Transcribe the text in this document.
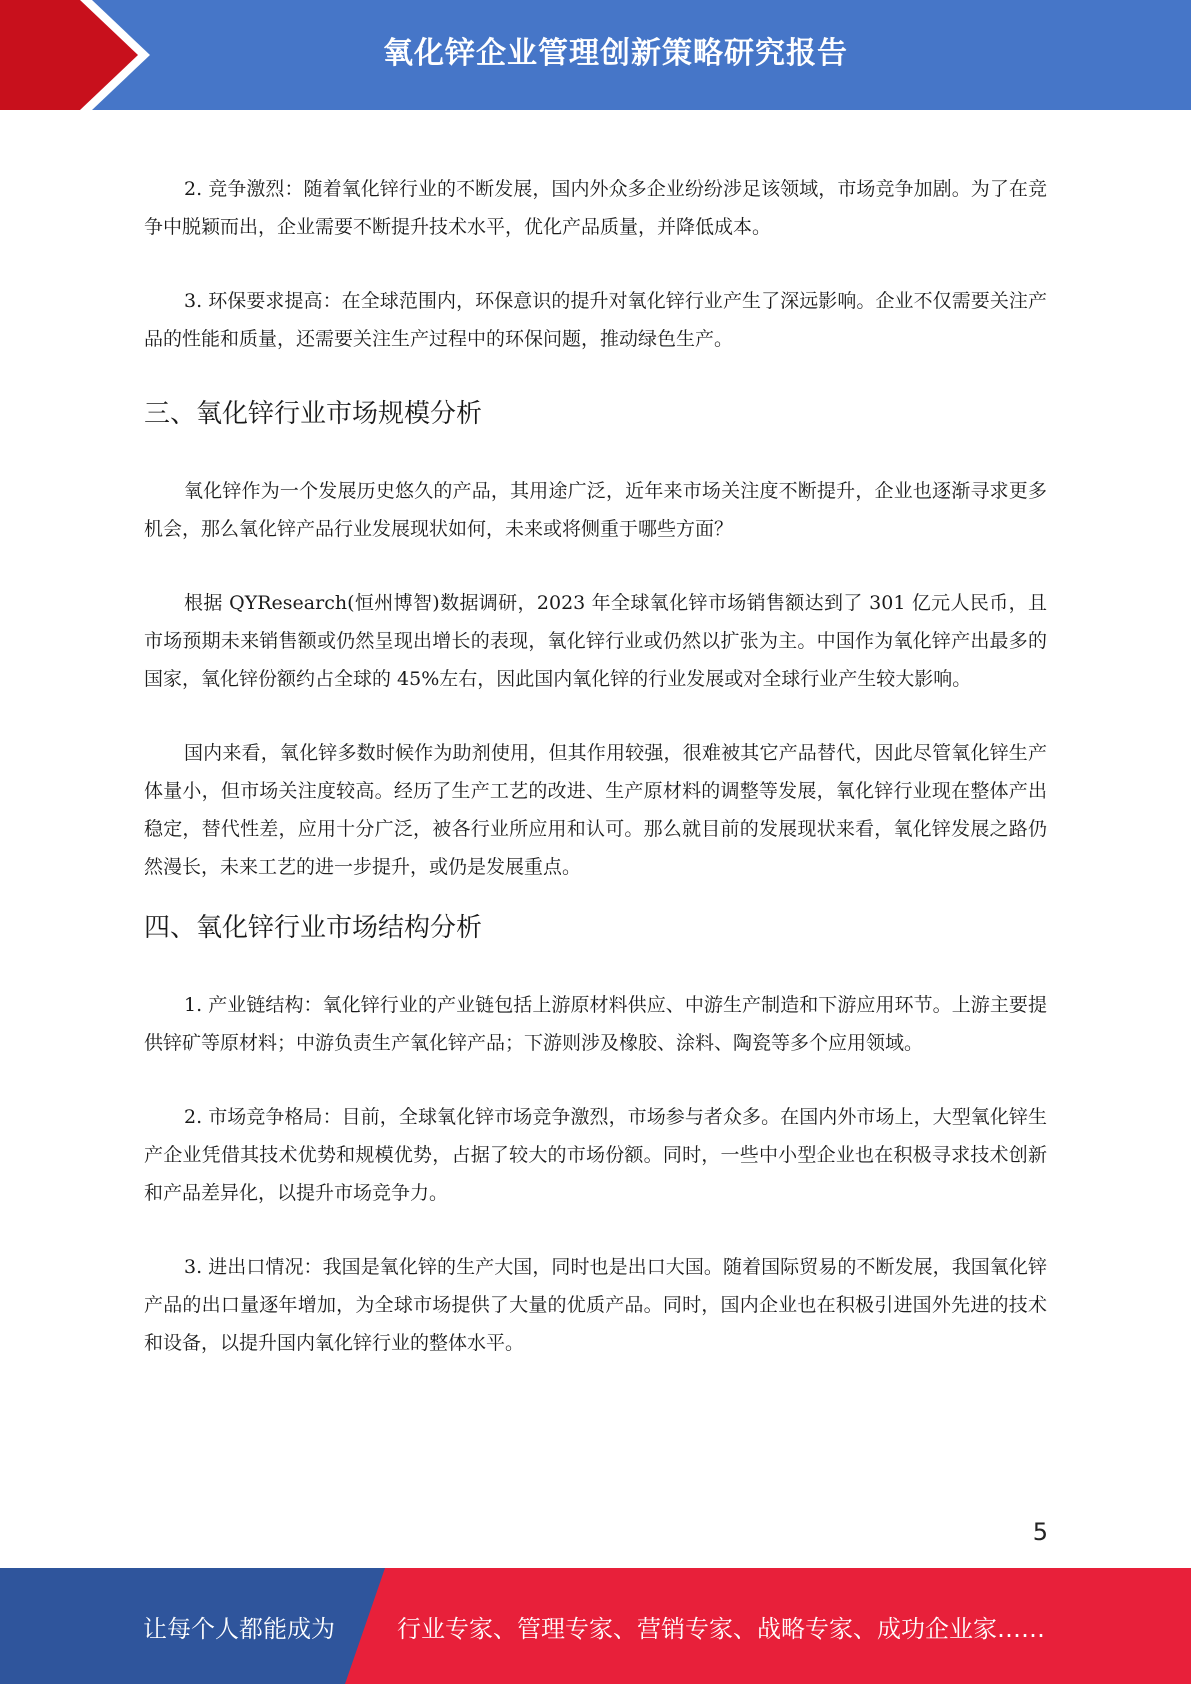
氧化锌企业管理创新策略研究报告

2. 竞争激烈：随着氧化锌行业的不断发展，国内外众多企业纷纷涉足该领域，市场竞争加剧。为了在竞争中脱颖而出，企业需要不断提升技术水平，优化产品质量，并降低成本。

3. 环保要求提高：在全球范围内，环保意识的提升对氧化锌行业产生了深远影响。企业不仅需要关注产品的性能和质量，还需要关注生产过程中的环保问题，推动绿色生产。

三、氧化锌行业市场规模分析

氧化锌作为一个发展历史悠久的产品，其用途广泛，近年来市场关注度不断提升，企业也逐渐寻求更多机会，那么氧化锌产品行业发展现状如何，未来或将侧重于哪些方面？

根据 QYResearch(恒州博智)数据调研，2023 年全球氧化锌市场销售额达到了 301 亿元人民币，且市场预期未来销售额或仍然呈现出增长的表现，氧化锌行业或仍然以扩张为主。中国作为氧化锌产出最多的国家，氧化锌份额约占全球的 45%左右，因此国内氧化锌的行业发展或对全球行业产生较大影响。

国内来看，氧化锌多数时候作为助剂使用，但其作用较强，很难被其它产品替代，因此尽管氧化锌生产体量小，但市场关注度较高。经历了生产工艺的改进、生产原材料的调整等发展，氧化锌行业现在整体产出稳定，替代性差，应用十分广泛，被各行业所应用和认可。那么就目前的发展现状来看，氧化锌发展之路仍然漫长，未来工艺的进一步提升，或仍是发展重点。

四、氧化锌行业市场结构分析

1. 产业链结构：氧化锌行业的产业链包括上游原材料供应、中游生产制造和下游应用环节。上游主要提供锌矿等原材料；中游负责生产氧化锌产品；下游则涉及橡胶、涂料、陶瓷等多个应用领域。

2. 市场竞争格局：目前，全球氧化锌市场竞争激烈，市场参与者众多。在国内外市场上，大型氧化锌生产企业凭借其技术优势和规模优势，占据了较大的市场份额。同时，一些中小型企业也在积极寻求技术创新和产品差异化，以提升市场竞争力。

3. 进出口情况：我国是氧化锌的生产大国，同时也是出口大国。随着国际贸易的不断发展，我国氧化锌产品的出口量逐年增加，为全球市场提供了大量的优质产品。同时，国内企业也在积极引进国外先进的技术和设备，以提升国内氧化锌行业的整体水平。

5
让每个人都能成为	行业专家、管理专家、营销专家、战略专家、成功企业家……
